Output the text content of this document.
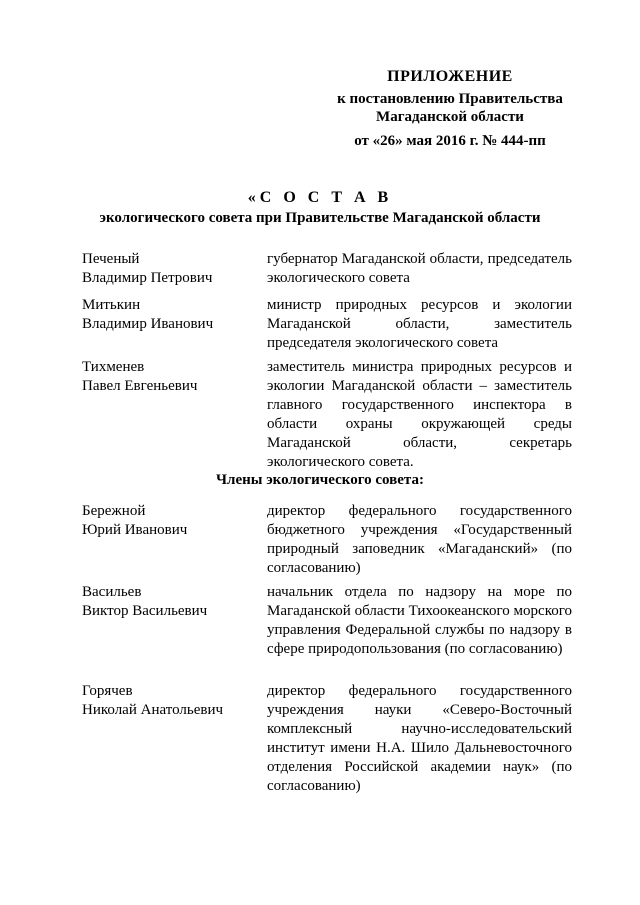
ПРИЛОЖЕНИЕ
к постановлению Правительства
Магаданской области
от «26» мая 2016 г. № 444-пп
«С О С Т А В
экологического совета при Правительстве Магаданской области
Печеный
Владимир Петрович
губернатор Магаданской области, председатель экологического совета
Митькин
Владимир Иванович
министр природных ресурсов и экологии Магаданской области, заместитель председателя экологического совета
Тихменев
Павел Евгеньевич
заместитель министра природных ресурсов и экологии Магаданской области – заместитель главного государственного инспектора в области охраны окружающей среды Магаданской области, секретарь экологического совета.
Члены экологического совета:
Бережной
Юрий Иванович
директор федерального государственного бюджетного учреждения «Государственный природный заповедник «Магаданский» (по согласованию)
Васильев
Виктор Васильевич
начальник отдела по надзору на море по Магаданской области Тихоокеанского морского управления Федеральной службы по надзору в сфере природопользования (по согласованию)
Горячев
Николай Анатольевич
директор федерального государственного учреждения науки «Северо-Восточный комплексный научно-исследовательский институт имени Н.А. Шило Дальневосточного отделения Российской академии наук» (по согласованию)
